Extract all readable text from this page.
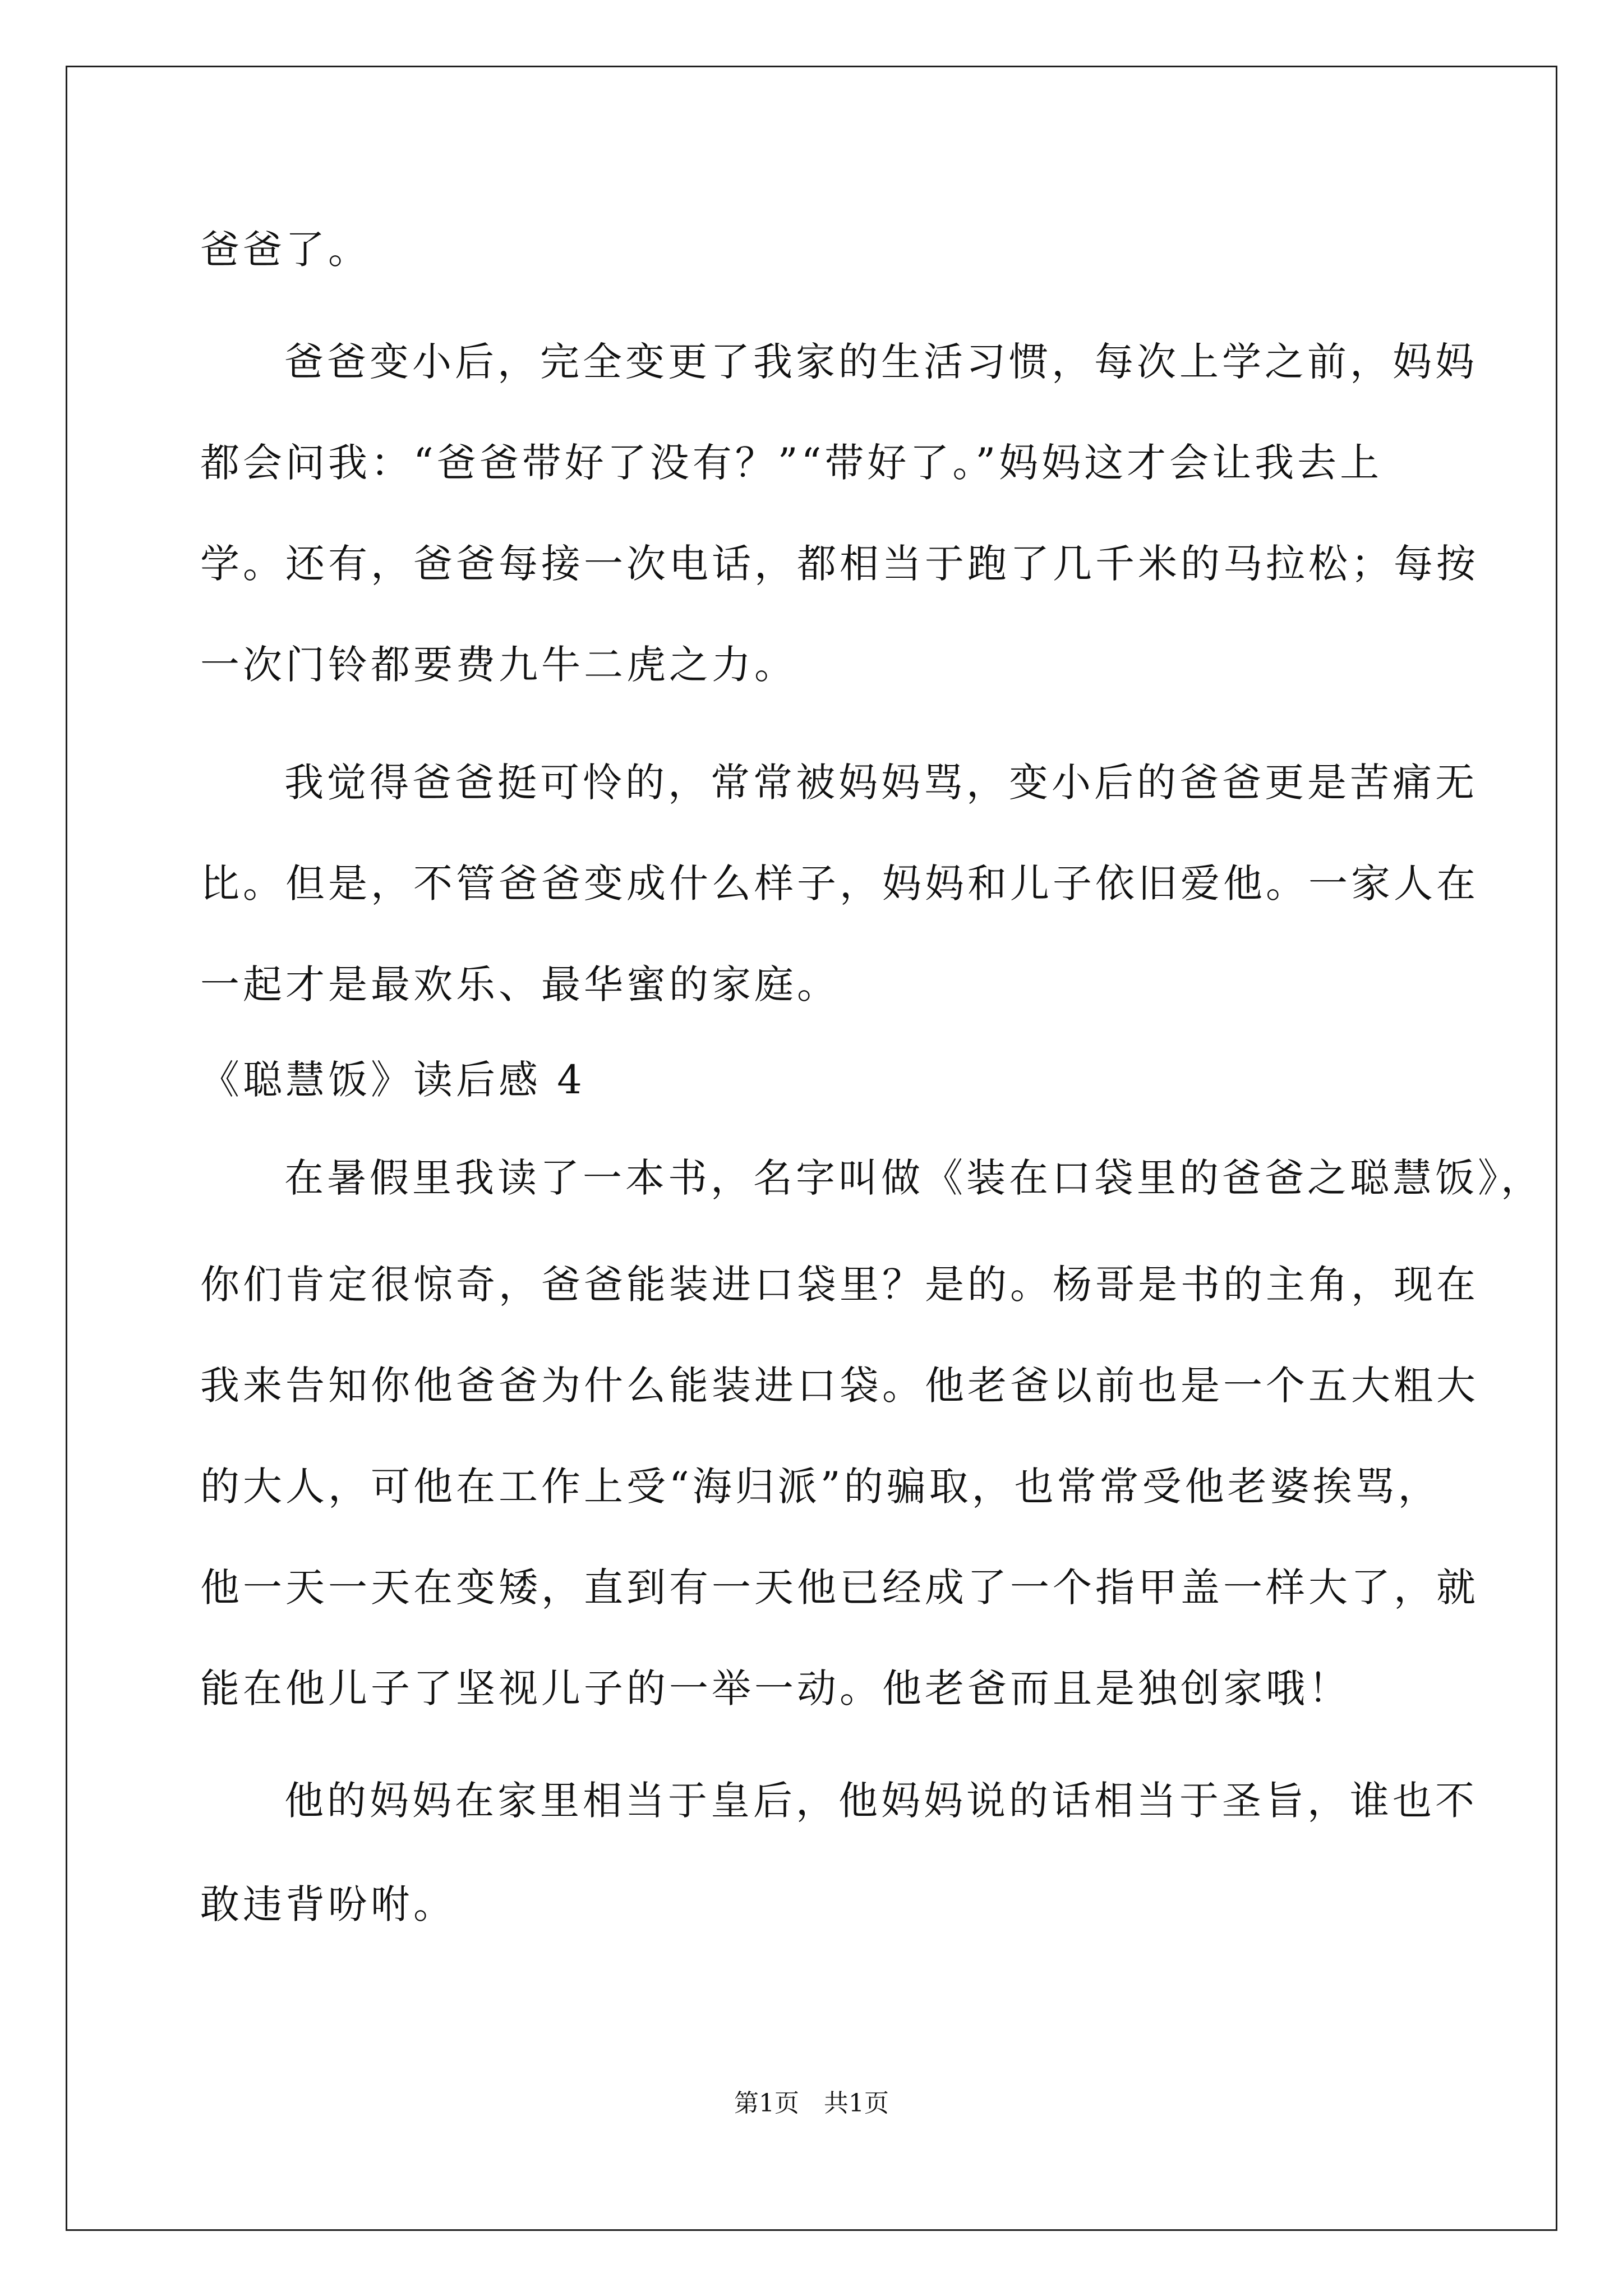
爸爸了。
爸爸变小后，完全变更了我家的生活习惯，每次上学之前，妈妈
都会问我：“爸爸带好了没有？”“带好了。”妈妈这才会让我去上
学。还有，爸爸每接一次电话，都相当于跑了几千米的马拉松；每按
一次门铃都要费九牛二虎之力。
我觉得爸爸挺可怜的，常常被妈妈骂，变小后的爸爸更是苦痛无
比。但是，不管爸爸变成什么样子，妈妈和儿子依旧爱他。一家人在
一起才是最欢乐、最华蜜的家庭。
《聪慧饭》读后感 4
在暑假里我读了一本书，名字叫做《装在口袋里的爸爸之聪慧饭》，
你们肯定很惊奇，爸爸能装进口袋里？是的。杨哥是书的主角，现在
我来告知你他爸爸为什么能装进口袋。他老爸以前也是一个五大粗大
的大人，可他在工作上受“海归派”的骗取，也常常受他老婆挨骂，
他一天一天在变矮，直到有一天他已经成了一个指甲盖一样大了，就
能在他儿子了坚视儿子的一举一动。他老爸而且是独创家哦！
他的妈妈在家里相当于皇后，他妈妈说的话相当于圣旨，谁也不
敢违背吩咐。
第1页　共1页
